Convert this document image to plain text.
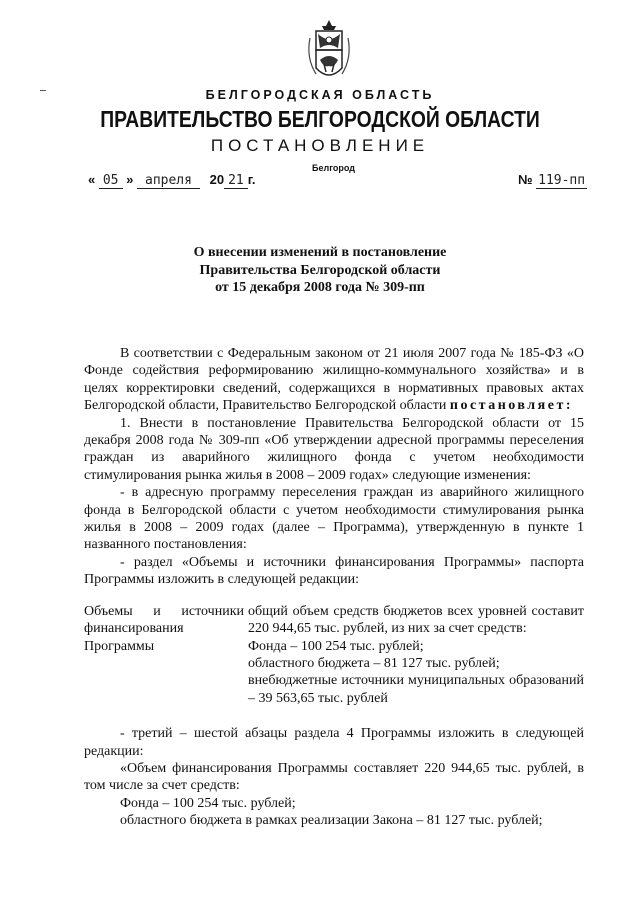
БЕЛГОРОДСКАЯ ОБЛАСТЬ
ПРАВИТЕЛЬСТВО БЕЛГОРОДСКОЙ ОБЛАСТИ
ПОСТАНОВЛЕНИЕ
Белгород
« 05 » апреля 20 21 г.	№ 119-пп
О внесении изменений в постановление
Правительства Белгородской области
от 15 декабря 2008 года № 309-пп

В соответствии с Федеральным законом от 21 июля 2007 года № 185-ФЗ «О Фонде содействия реформированию жилищно-коммунального хозяйства» и в целях корректировки сведений, содержащихся в нормативных правовых актах Белгородской области, Правительство Белгородской области постановляет:

1. Внести в постановление Правительства Белгородской области от 15 декабря 2008 года № 309-пп «Об утверждении адресной программы переселения граждан из аварийного жилищного фонда с учетом необходимости стимулирования рынка жилья в 2008 – 2009 годах» следующие изменения:

- в адресную программу переселения граждан из аварийного жилищного фонда в Белгородской области с учетом необходимости стимулирования рынка жилья в 2008 – 2009 годах (далее – Программа), утвержденную в пункте 1 названного постановления:

- раздел «Объемы и источники финансирования Программы» паспорта Программы изложить в следующей редакции:

Объемы и источники финансирования Программы
общий объем средств бюджетов всех уровней составит 220 944,65 тыс. рублей, из них за счет средств:
Фонда – 100 254 тыс. рублей;
областного бюджета – 81 127 тыс. рублей;
внебюджетные источники муниципальных образований – 39 563,65 тыс. рублей

- третий – шестой абзацы раздела 4 Программы изложить в следующей редакции:

«Объем финансирования Программы составляет 220 944,65 тыс. рублей, в том числе за счет средств:

Фонда – 100 254 тыс. рублей;

областного бюджета в рамках реализации Закона – 81 127 тыс. рублей;
